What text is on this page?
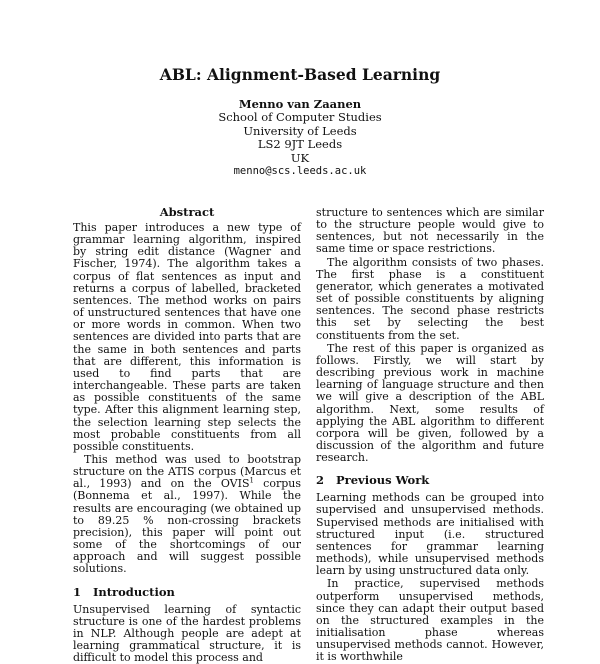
ABL: Alignment-Based Learning
Menno van Zaanen
School of Computer Studies
University of Leeds
LS2 9JT Leeds
UK
menno@scs.leeds.ac.uk
Abstract

This paper introduces a new type of grammar learning algorithm, inspired by string edit distance (Wagner and Fischer, 1974). The algorithm takes a corpus of flat sentences as input and returns a corpus of labelled, bracketed sentences. The method works on pairs of unstructured sentences that have one or more words in common. When two sentences are divided into parts that are the same in both sentences and parts that are different, this information is used to find parts that are interchangeable. These parts are taken as possible constituents of the same type. After this alignment learning step, the selection learning step selects the most probable constituents from all possible constituents.

This method was used to bootstrap structure on the ATIS corpus (Marcus et al., 1993) and on the OVIS$^1$ corpus (Bonnema et al., 1997). While the results are encouraging (we obtained up to 89.25 % non-crossing brackets precision), this paper will point out some of the shortcomings of our approach and will suggest possible solutions.

1 Introduction

Unsupervised learning of syntactic structure is one of the hardest problems in NLP. Although people are adept at learning grammatical structure, it is difficult to model this process and

structure to sentences which are similar to the structure people would give to sentences, but not necessarily in the same time or space restrictions.

The algorithm consists of two phases. The first phase is a constituent generator, which generates a motivated set of possible constituents by aligning sentences. The second phase restricts this set by selecting the best constituents from the set.

The rest of this paper is organized as follows. Firstly, we will start by describing previous work in machine learning of language structure and then we will give a description of the ABL algorithm. Next, some results of applying the ABL algorithm to different corpora will be given, followed by a discussion of the algorithm and future research.

2 Previous Work

Learning methods can be grouped into supervised and unsupervised methods. Supervised methods are initialised with structured input (i.e. structured sentences for grammar learning methods), while unsupervised methods learn by using unstructured data only.

In practice, supervised methods outperform unsupervised methods, since they can adapt their output based on the structured examples in the initialisation phase whereas unsupervised methods cannot. However, it is worthwhile
